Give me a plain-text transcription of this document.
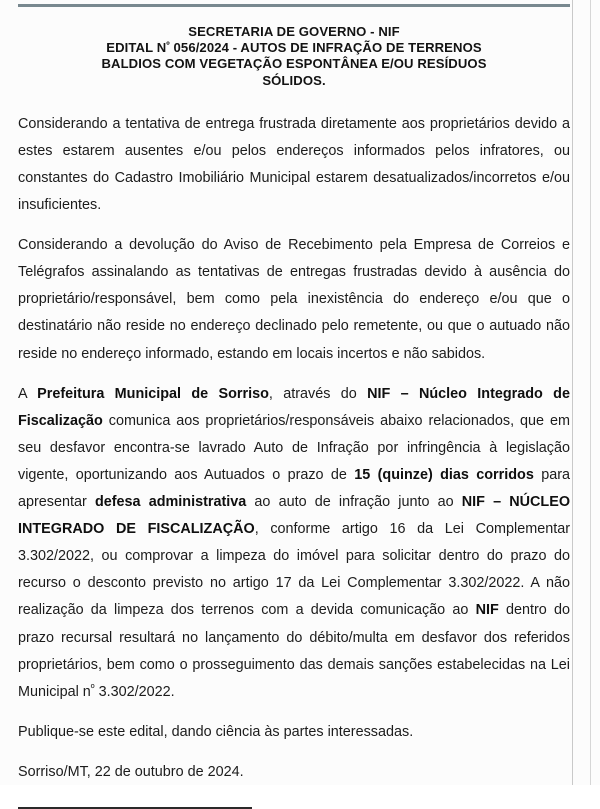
SECRETARIA DE GOVERNO - NIF
EDITAL $N^º$ 056/2024 - AUTOS DE INFRAÇÃO DE TERRENOS
BALDIOS COM VEGETAÇÃO ESPONTÂNEA E/OU RESÍDUOS
SÓLIDOS.

Considerando a tentativa de entrega frustrada diretamente aos proprietários devido a estes estarem ausentes e/ou pelos endereços informados pelos infratores, ou constantes do Cadastro Imobiliário Municipal estarem desatualizados/incorretos e/ou insuficientes.

Considerando a devolução do Aviso de Recebimento pela Empresa de Correios e Telégrafos assinalando as tentativas de entregas frustradas devido à ausência do proprietário/responsável, bem como pela inexistência do endereço e/ou que o destinatário não reside no endereço declinado pelo remetente, ou que o autuado não reside no endereço informado, estando em locais incertos e não sabidos.

A Prefeitura Municipal de Sorriso, através do NIF – Núcleo Integrado de Fiscalização comunica aos proprietários/responsáveis abaixo relacionados, que em seu desfavor encontra-se lavrado Auto de Infração por infringência à legislação vigente, oportunizando aos Autuados o prazo de 15 (quinze) dias corridos para apresentar defesa administrativa ao auto de infração junto ao NIF – NÚCLEO INTEGRADO DE FISCALIZAÇÃO, conforme artigo 16 da Lei Complementar 3.302/2022, ou comprovar a limpeza do imóvel para solicitar dentro do prazo do recurso o desconto previsto no artigo 17 da Lei Complementar 3.302/2022. A não realização da limpeza dos terrenos com a devida comunicação ao NIF dentro do prazo recursal resultará no lançamento do débito/multa em desfavor dos referidos proprietários, bem como o prosseguimento das demais sanções estabelecidas na Lei Municipal $n^º$ 3.302/2022.

Publique-se este edital, dando ciência às partes interessadas.

Sorriso/MT, 22 de outubro de 2024.
